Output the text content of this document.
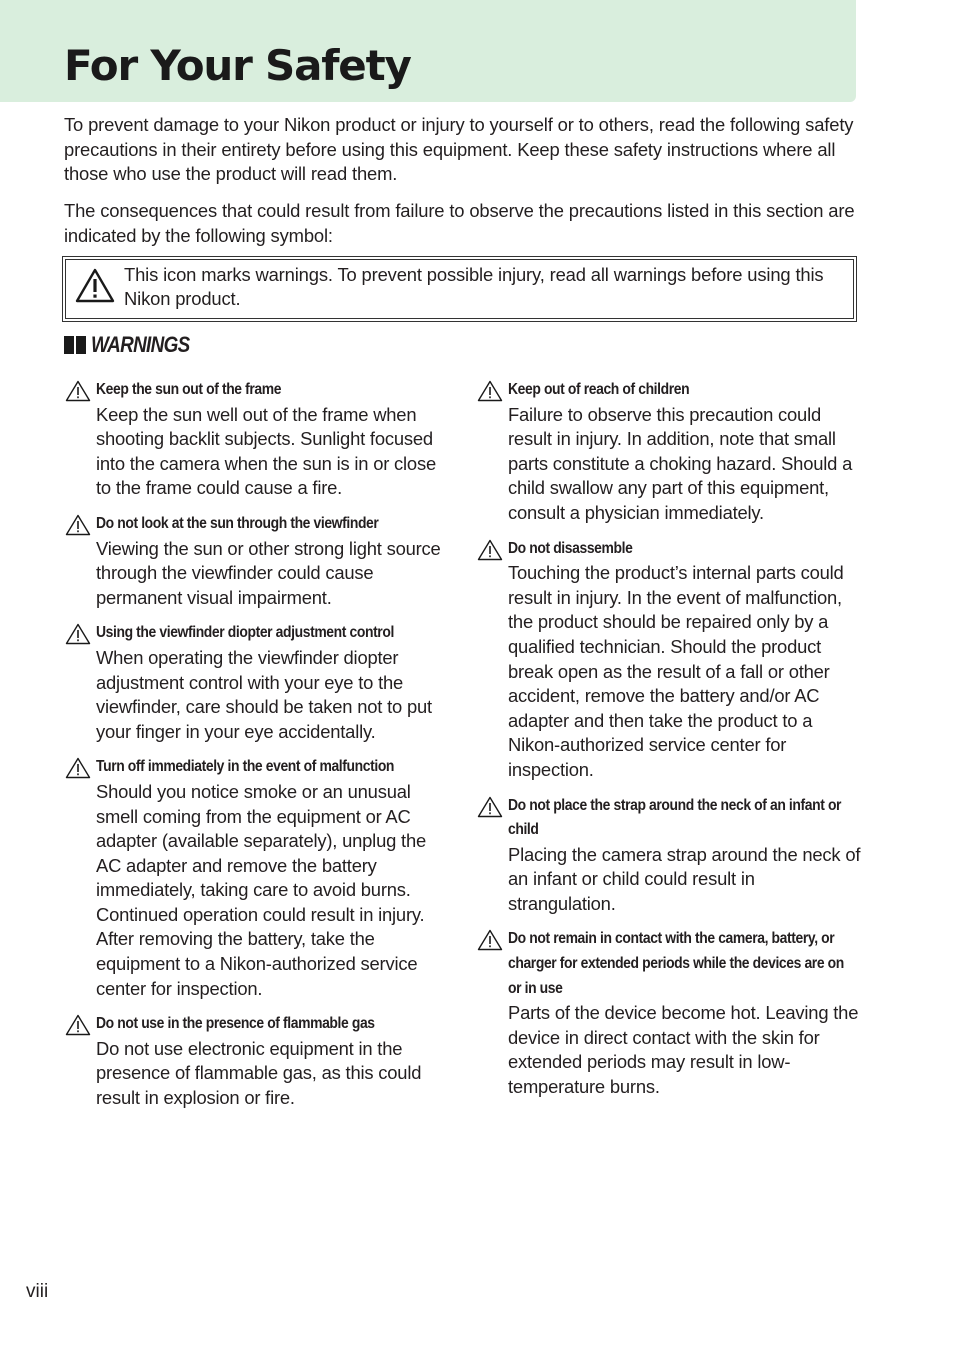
For Your Safety

To prevent damage to your Nikon product or injury to yourself or to others, read the following safety precautions in their entirety before using this equipment. Keep these safety instructions where all those who use the product will read them.

The consequences that could result from failure to observe the precautions listed in this section are indicated by the following symbol:

This icon marks warnings. To prevent possible injury, read all warnings before using this Nikon product.

WARNINGS

Keep the sun out of the frame

Keep the sun well out of the frame when shooting backlit subjects. Sunlight focused into the camera when the sun is in or close to the frame could cause a fire.

Do not look at the sun through the viewfinder

Viewing the sun or other strong light source through the viewfinder could cause permanent visual impairment.

Using the viewfinder diopter adjustment control

When operating the viewfinder diopter adjustment control with your eye to the viewfinder, care should be taken not to put your finger in your eye accidentally.

Turn off immediately in the event of malfunction

Should you notice smoke or an unusual smell coming from the equipment or AC adapter (available separately), unplug the AC adapter and remove the battery immediately, taking care to avoid burns. Continued operation could result in injury. After removing the battery, take the equipment to a Nikon-authorized service center for inspection.

Do not use in the presence of flammable gas

Do not use electronic equipment in the presence of flammable gas, as this could result in explosion or fire.

Keep out of reach of children

Failure to observe this precaution could result in injury. In addition, note that small parts constitute a choking hazard. Should a child swallow any part of this equipment, consult a physician immediately.

Do not disassemble

Touching the product’s internal parts could result in injury. In the event of malfunction, the product should be repaired only by a qualified technician. Should the product break open as the result of a fall or other accident, remove the battery and/or AC adapter and then take the product to a Nikon-authorized service center for inspection.

Do not place the strap around the neck of an infant or child

Placing the camera strap around the neck of an infant or child could result in strangulation.

Do not remain in contact with the camera, battery, or charger for extended periods while the devices are on or in use

Parts of the device become hot. Leaving the device in direct contact with the skin for extended periods may result in low-temperature burns.

viii
